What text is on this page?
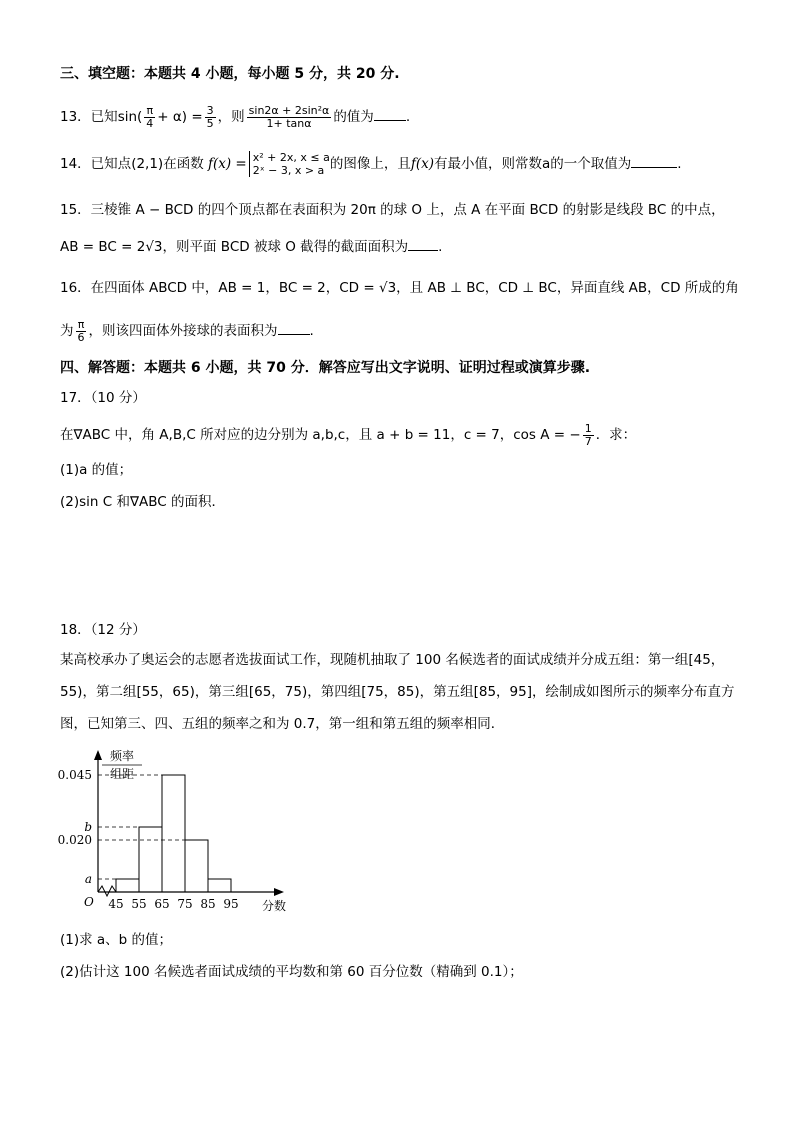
三、填空题：本题共 4 小题，每小题 5 分，共 20 分.
13．已知$\sin( \frac{\pi}{4} + \alpha) = \frac{3}{5}$ ，则 $\frac{\text{sin2α + 2sin²α}}{1+ \tan\alpha}$ 的值为 .
14．已知点(2,1)在函数 f(x) = x² + 2x, x ≤ a
2ˣ − 3, x > a 的图像上，且f(x)有最小值，则常数a的一个取值为	.
15．三棱锥 A − BCD 的四个顶点都在表面积为 20π 的球 O 上，点 A 在平面 BCD 的射影是线段 BC 的中点，
AB = BC = 2√3，则平面 BCD 被球 O 截得的截面面积为 .
16．在四面体 ABCD 中，AB = 1，BC = 2，CD = √3，且 AB ⊥ BC，CD ⊥ BC，异面直线 AB，CD 所成的角
为 $\frac{\pi}{6}$ ，则该四面体外接球的表面积为 .
四、解答题：本题共 6 小题，共 70 分．解答应写出文字说明、证明过程或演算步骤.
17．（10 分）
在∇ABC 中，角 A,B,C 所对应的边分别为 a,b,c，且 a + b = 11，c = 7，cos A = − $\frac{1}{7}$ ．求：
(1)a 的值；
(2)sin C 和∇ABC 的面积．
18．（12 分）
某高校承办了奥运会的志愿者选拔面试工作，现随机抽取了 100 名候选者的面试成绩并分成五组：第一组[45，
55)，第二组[55，65)，第三组[65，75)，第四组[75，85)，第五组[85，95]，绘制成如图所示的频率分布直方
图，已知第三、四、五组的频率之和为 0.7，第一组和第五组的频率相同．
频率
组距
O	分数
a
b
0.045
0.020
45 55 65 75 85 95
(1)求 a、b 的值；
(2)估计这 100 名候选者面试成绩的平均数和第 60 百分位数（精确到 0.1）；
